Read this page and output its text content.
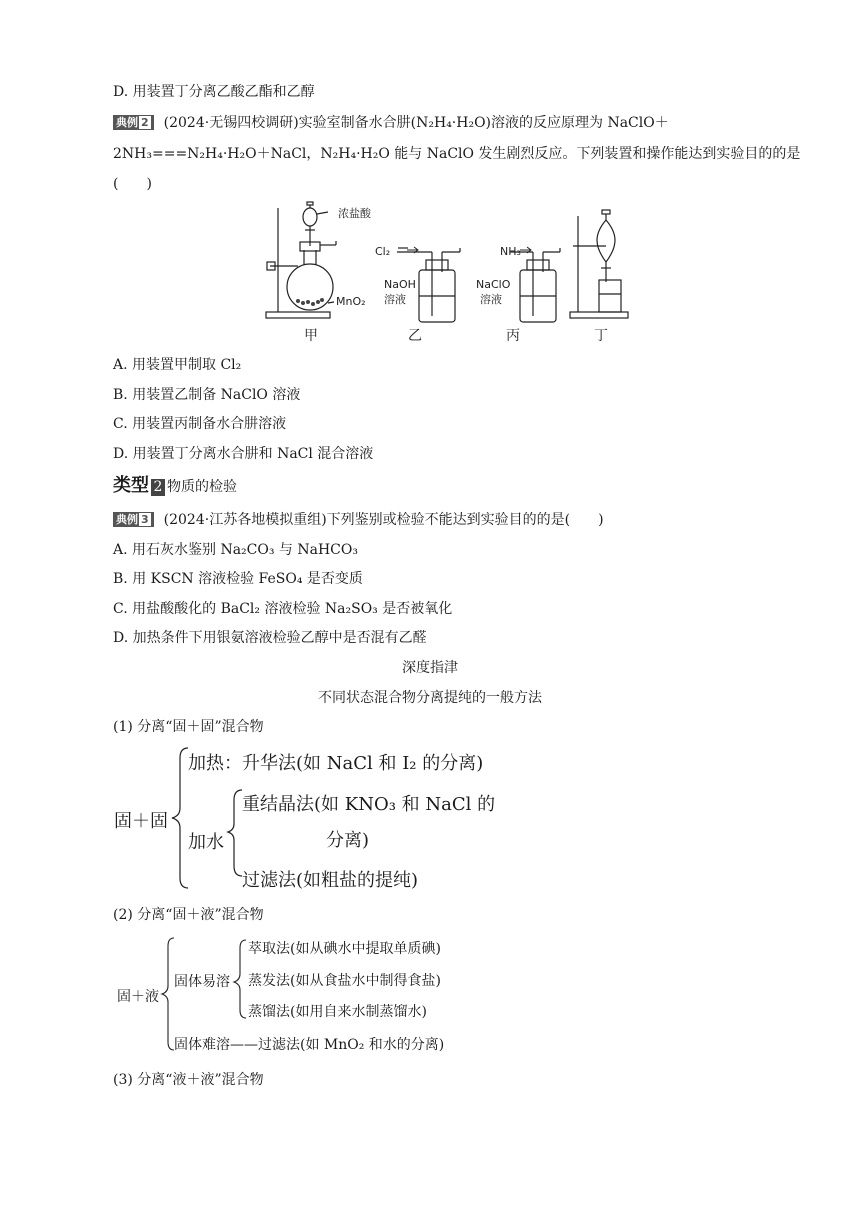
D. 用装置丁分离乙酸乙酯和乙醇
典例 2 (2024·无锡四校调研)实验室制备水合肼(N₂H₄·H₂O)溶液的反应原理为 NaClO＋
2NH₃===N₂H₄·H₂O＋NaCl，N₂H₄·H₂O 能与 NaClO 发生剧烈反应。下列装置和操作能达到实验目的的是
(　　)
浓盐酸
MnO₂
Cl₂
NaOH
溶液
NH₃
NaClO
溶液
甲	乙	丙	丁
A. 用装置甲制取 Cl₂
B. 用装置乙制备 NaClO 溶液
C. 用装置丙制备水合肼溶液
D. 用装置丁分离水合肼和 NaCl 混合溶液
类型 2 物质的检验
典例 3 (2024·江苏各地模拟重组)下列鉴别或检验不能达到实验目的的是(　　)
A. 用石灰水鉴别 Na₂CO₃ 与 NaHCO₃
B. 用 KSCN 溶液检验 FeSO₄ 是否变质
C. 用盐酸酸化的 BaCl₂ 溶液检验 Na₂SO₃ 是否被氧化
D. 加热条件下用银氨溶液检验乙醇中是否混有乙醛
深度指津
不同状态混合物分离提纯的一般方法
(1) 分离“固＋固”混合物
固＋固
加热：升华法(如 NaCl 和 I₂ 的分离)
加水
重结晶法(如 KNO₃ 和 NaCl 的
分离)
过滤法(如粗盐的提纯)
(2) 分离“固＋液”混合物
固＋液
固体易溶
萃取法(如从碘水中提取单质碘)
蒸发法(如从食盐水中制得食盐)
蒸馏法(如用自来水制蒸馏水)
固体难溶——过滤法(如 MnO₂ 和水的分离)
(3) 分离“液＋液”混合物
